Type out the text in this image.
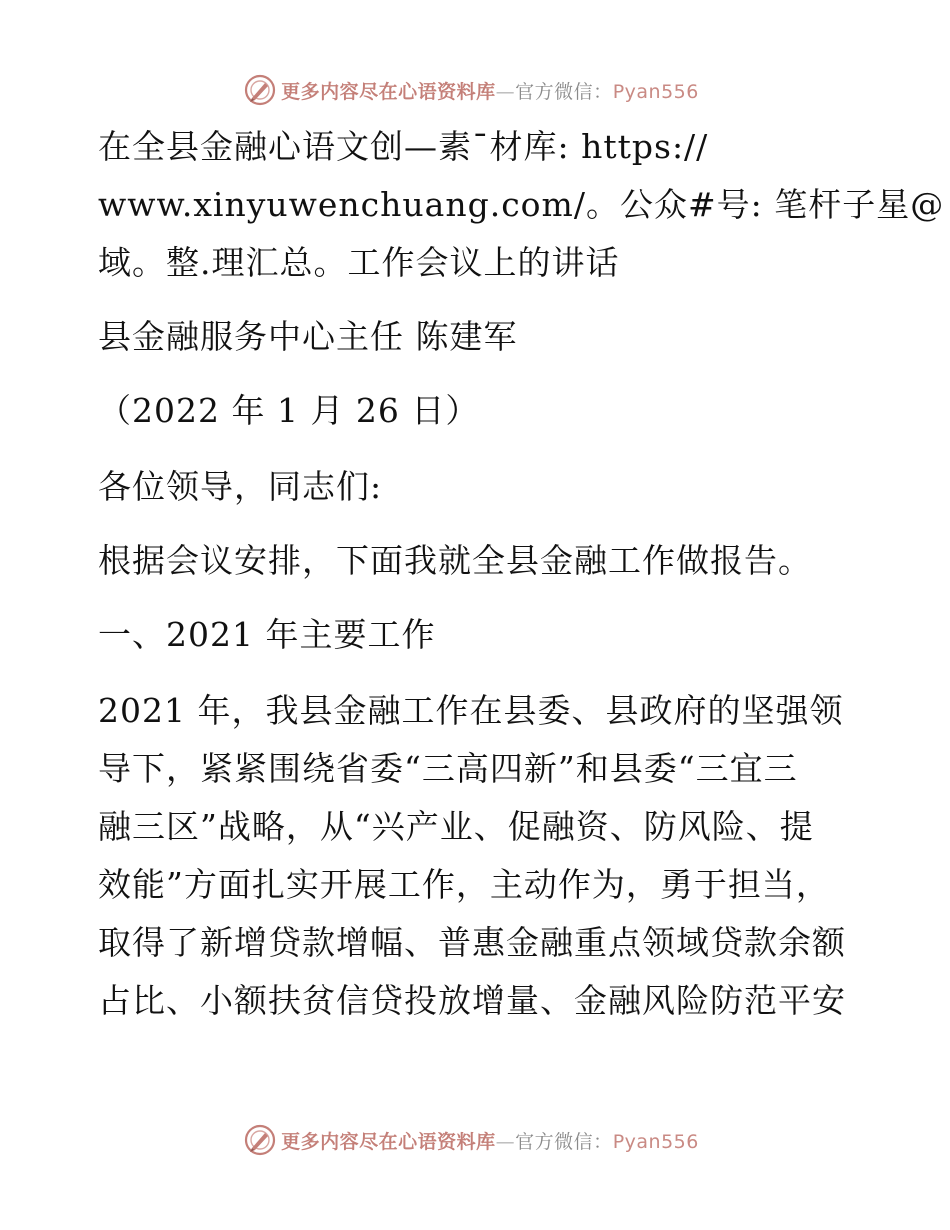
更多内容尽在心语资料库—官方微信：Pyan556
在全县金融心语文创—素¯材库: https://
www.xinyuwenchuang.com/。公众#号: 笔杆子星@
域。整.理汇总。工作会议上的讲话
县金融服务中心主任 陈建军
（2022 年 1 月 26 日）
各位领导，同志们:
根据会议安排，下面我就全县金融工作做报告。
一、2021 年主要工作
2021 年，我县金融工作在县委、县政府的坚强领
导下，紧紧围绕省委“三高四新”和县委“三宜三
融三区”战略，从“兴产业、促融资、防风险、提
效能”方面扎实开展工作，主动作为，勇于担当，
取得了新增贷款增幅、普惠金融重点领域贷款余额
占比、小额扶贫信贷投放增量、金融风险防范平安
更多内容尽在心语资料库—官方微信：Pyan556
